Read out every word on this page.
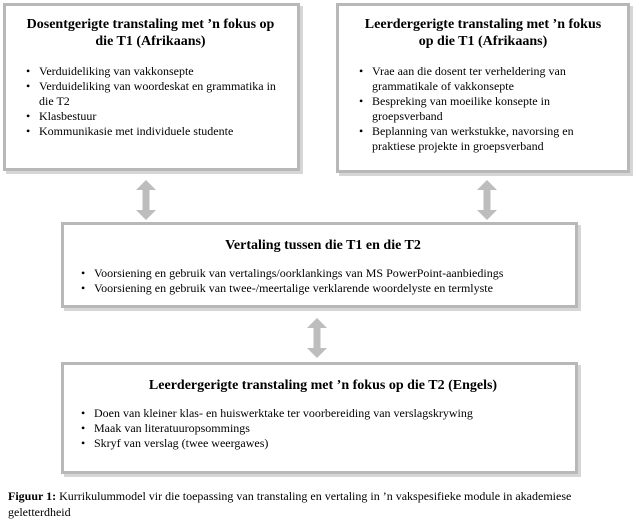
Dosentgerigte transtaling met ’n fokus op die T1 (Afrikaans)
• Verduideliking van vakkonsepte
• Verduideliking van woordeskat en grammatika in die T2
• Klasbestuur
• Kommunikasie met individuele studente
Leerdergerigte transtaling met ’n fokus op die T1 (Afrikaans)
• Vrae aan die dosent ter verheldering van grammatikale of vakkonsepte
• Bespreking van moeilike konsepte in groepsverband
• Beplanning van werkstukke, navorsing en praktiese projekte in groepsverband
Vertaling tussen die T1 en die T2
• Voorsiening en gebruik van vertalings/oorklankings van MS PowerPoint-aanbiedings
• Voorsiening en gebruik van twee-/meertalige verklarende woordelyste en termlyste
Leerdergerigte transtaling met ’n fokus op die T2 (Engels)
• Doen van kleiner klas- en huiswerktake ter voorbereiding van verslagskrywing
• Maak van literatuuropsommings
• Skryf van verslag (twee weergawes)
Figuur 1: Kurrikulummodel vir die toepassing van transtaling en vertaling in ’n vakspesifieke module in akademiese geletterdheid
